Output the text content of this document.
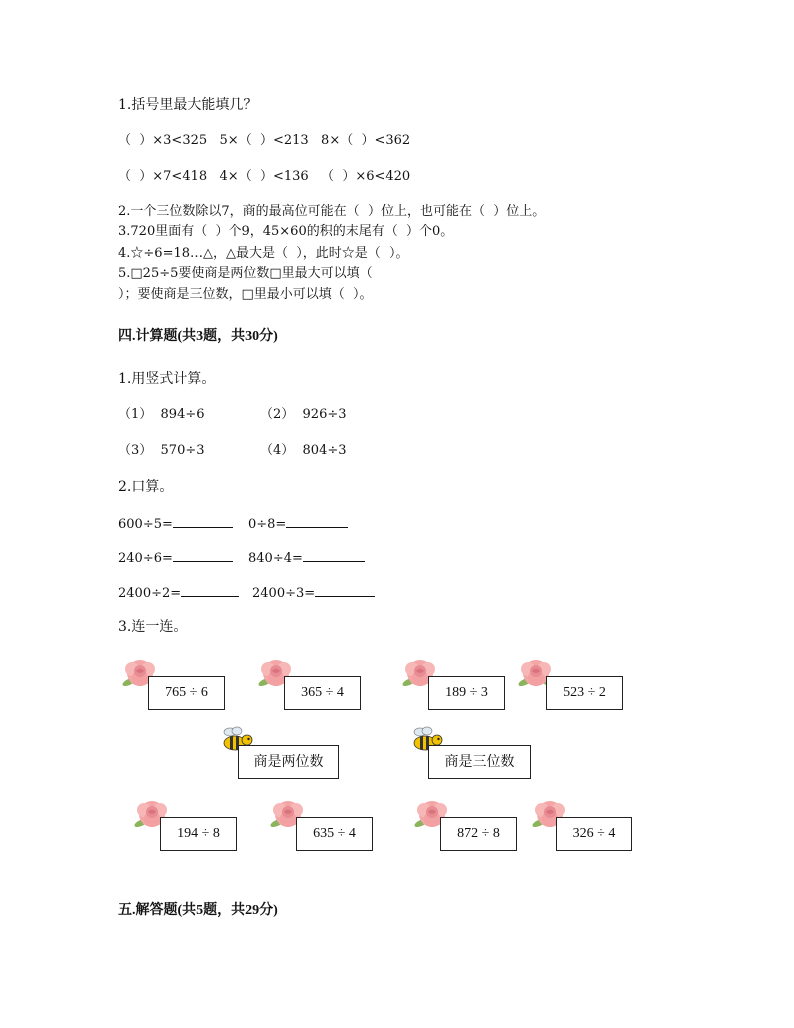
1.括号里最大能填几？
（  ）×3<325   5×（  ）<213   8×（  ）<362
（  ）×7<418   4×（  ）<136   （  ）×6<420
2.一个三位数除以7，商的最高位可能在（  ）位上，也可能在（  ）位上。
3.720里面有（  ）个9，45×60的积的末尾有（  ）个0。
4.☆÷6=18…△，△最大是（  ），此时☆是（  ）。
5.□25÷5要使商是两位数□里最大可以填（
）；要使商是三位数，□里最小可以填（  ）。
四.计算题(共3题，共30分)
1.用竖式计算。
（1）  894÷6	（2）  926÷3
（3）  570÷3	（4）  804÷3
2.口算。
600÷5=	0÷8=
240÷6=	840÷4=
2400÷2=	2400÷3=
3.连一连。
765 ÷ 6	365 ÷ 4	189 ÷ 3	523 ÷ 2
商是两位数	商是三位数
194 ÷ 8	635 ÷ 4	872 ÷ 8	326 ÷ 4
五.解答题(共5题，共29分)
